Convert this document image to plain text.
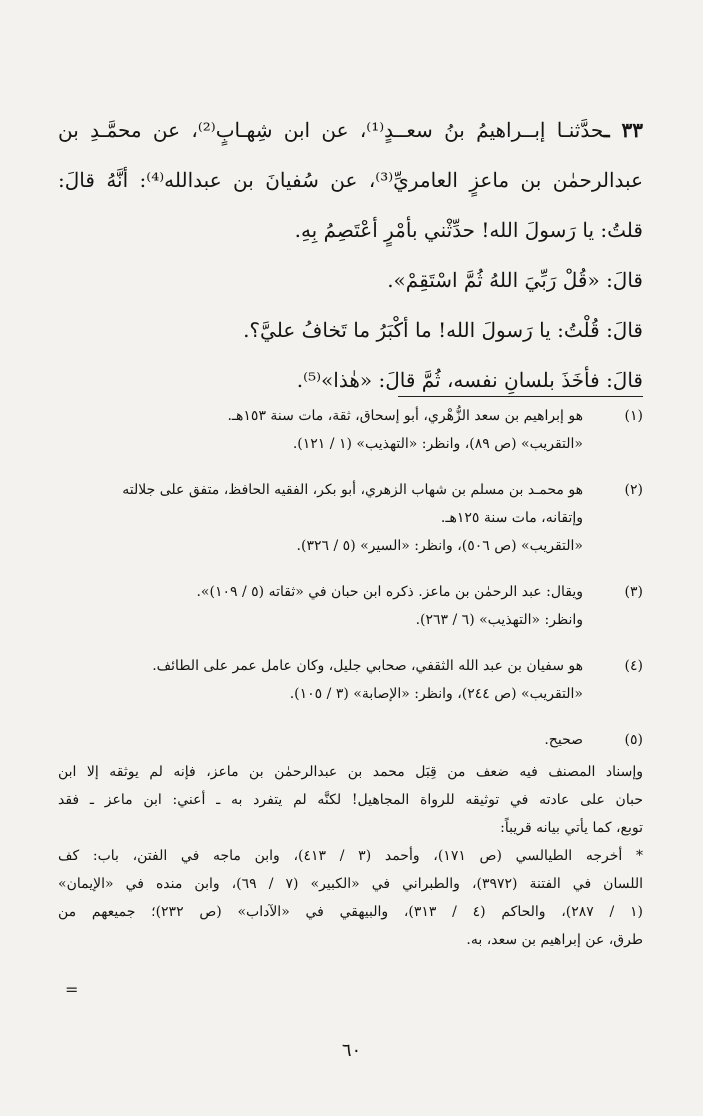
٣٣ ـحدَّثنـا إبــراهيمُ بنُ سعــدٍ⁽¹⁾، عن ابن شِهـابٍ⁽²⁾، عن محمَّـدِ بن
عبدالرحمٰن بن ماعزٍ العامريِّ⁽³⁾، عن سُفيانَ بن عبدالله⁽⁴⁾: أنَّهُ قالَ:
قلتُ: يا رَسولَ الله! حدِّثْني بأمْرٍ أعْتَصِمُ بِهِ.
قالَ: «قُلْ رَبِّيَ اللهُ ثُمَّ اسْتَقِمْ».
قالَ: قُلْتُ: يا رَسولَ الله! ما أكْبَرُ ما تَخافُ عليَّ؟.
قالَ: فأخَذَ بلسانِ نفسه، ثُمَّ قالَ: «هٰذا»⁽⁵⁾.
(١)
هو إبراهيم بن سعد الزُّهْري، أبو إسحاق، ثقة، مات سنة ١٥٣هـ.
«التقريب» (ص ٨٩)، وانظر: «التهذيب» (١ / ١٢١).
(٢)
هو محمـد بن مسلم بن شهاب الزهري، أبو بكر، الفقيه الحافظ، متفق على جلالته
وإتقانه، مات سنة ١٢٥هـ.
«التقريب» (ص ٥٠٦)، وانظر: «السير» (٥ / ٣٢٦).
(٣)
ويقال: عبد الرحمٰن بن ماعز. ذكره ابن حبان في «ثقاته (٥ / ١٠٩)».
وانظر: «التهذيب» (٦ / ٢٦٣).
(٤)
هو سفيان بن عبد الله الثقفي، صحابي جليل، وكان عامل عمر على الطائف.
«التقريب» (ص ٢٤٤)، وانظر: «الإصابة» (٣ / ١٠٥).
(٥)
صحيح.
وإسناد المصنف فيه ضعف من قِبَل محمد بن عبدالرحمٰن بن ماعز، فإنه لم يوثقه إلا ابن
حبان على عادته في توثيقه للرواة المجاهيل! لكنَّه لم يتفرد به ـ أعني: ابن ماعز ـ فقد
توبع، كما يأتي بيانه قريباً:
* أخرجه الطيالسي (ص ١٧١)، وأحمد (٣ / ٤١٣)، وابن ماجه في الفتن، باب: كف
اللسان في الفتنة (٣٩٧٢)، والطبراني في «الكبير» (٧ / ٦٩)، وابن منده في «الإيمان»
(١ / ٢٨٧)، والحاكم (٤ / ٣١٣)، والبيهقي في «الآداب» (ص ٢٣٢)؛ جميعهم من
طرق، عن إبراهيم بن سعد، به.
=
٦٠
